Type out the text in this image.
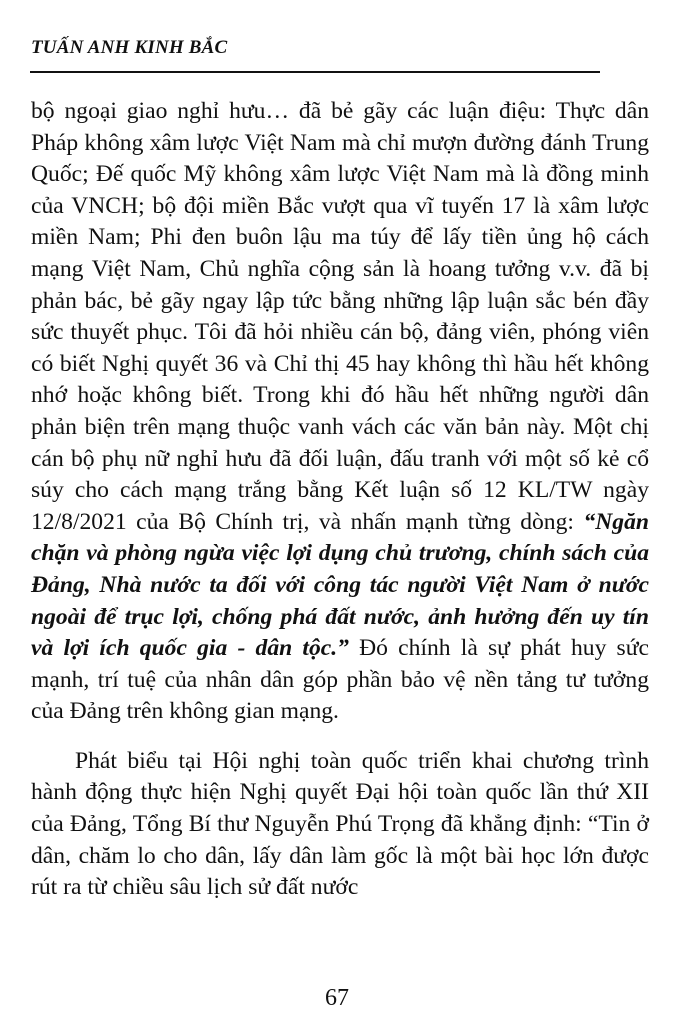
TUẤN ANH KINH BẮC

bộ ngoại giao nghỉ hưu… đã bẻ gãy các luận điệu: Thực dân Pháp không xâm lược Việt Nam mà chỉ mượn đường đánh Trung Quốc; Đế quốc Mỹ không xâm lược Việt Nam mà là đồng minh của VNCH; bộ đội miền Bắc vượt qua vĩ tuyến 17 là xâm lược miền Nam; Phi đen buôn lậu ma túy để lấy tiền ủng hộ cách mạng Việt Nam, Chủ nghĩa cộng sản là hoang tưởng v.v. đã bị phản bác, bẻ gãy ngay lập tức bằng những lập luận sắc bén đầy sức thuyết phục. Tôi đã hỏi nhiều cán bộ, đảng viên, phóng viên có biết Nghị quyết 36 và Chỉ thị 45 hay không thì hầu hết không nhớ hoặc không biết. Trong khi đó hầu hết những người dân phản biện trên mạng thuộc vanh vách các văn bản này. Một chị cán bộ phụ nữ nghỉ hưu đã đối luận, đấu tranh với một số kẻ cổ súy cho cách mạng trắng bằng Kết luận số 12 KL/TW ngày 12/8/2021 của Bộ Chính trị, và nhấn mạnh từng dòng: “Ngăn chặn và phòng ngừa việc lợi dụng chủ trương, chính sách của Đảng, Nhà nước ta đối với công tác người Việt Nam ở nước ngoài để trục lợi, chống phá đất nước, ảnh hưởng đến uy tín và lợi ích quốc gia - dân tộc.” Đó chính là sự phát huy sức mạnh, trí tuệ của nhân dân góp phần bảo vệ nền tảng tư tưởng của Đảng trên không gian mạng.

Phát biểu tại Hội nghị toàn quốc triển khai chương trình hành động thực hiện Nghị quyết Đại hội toàn quốc lần thứ XII của Đảng, Tổng Bí thư Nguyễn Phú Trọng đã khẳng định: “Tin ở dân, chăm lo cho dân, lấy dân làm gốc là một bài học lớn được rút ra từ chiều sâu lịch sử đất nước

67
